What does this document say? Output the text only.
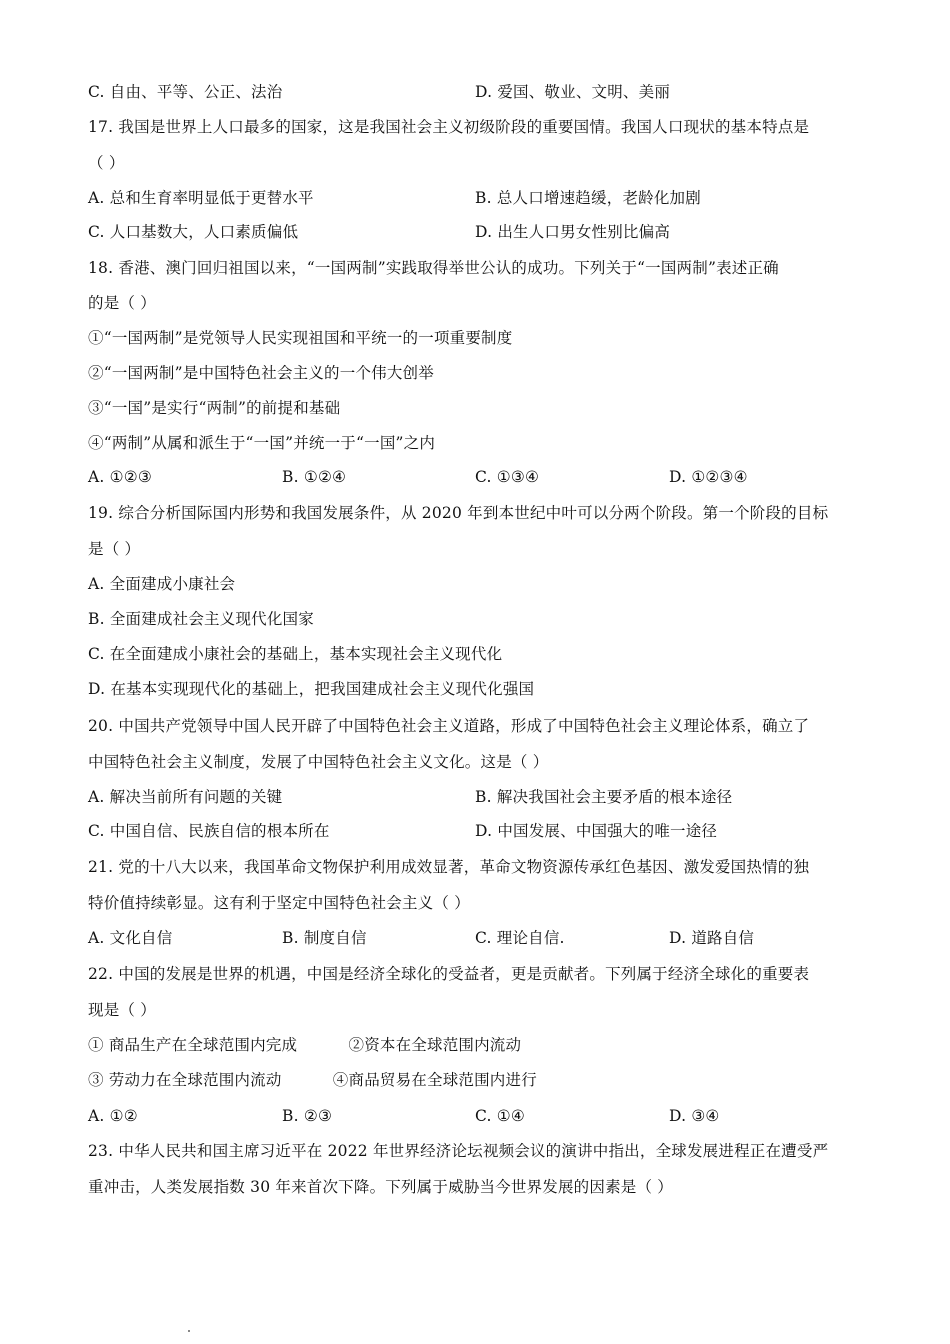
C. 自由、平等、公正、法治	D. 爱国、敬业、文明、美丽
17. 我国是世界上人口最多的国家，这是我国社会主义初级阶段的重要国情。我国人口现状的基本特点是
（ ）
A. 总和生育率明显低于更替水平	B. 总人口增速趋缓，老龄化加剧
C. 人口基数大，人口素质偏低	D. 出生人口男女性别比偏高
18. 香港、澳门回归祖国以来，“一国两制”实践取得举世公认的成功。下列关于“一国两制”表述正确
的是（ ）
①“一国两制”是党领导人民实现祖国和平统一的一项重要制度
②“一国两制”是中国特色社会主义的一个伟大创举
③“一国”是实行“两制”的前提和基础
④“两制”从属和派生于“一国”并统一于“一国”之内
A. ①②③	B. ①②④	C. ①③④	D. ①②③④
19. 综合分析国际国内形势和我国发展条件，从 2020 年到本世纪中叶可以分两个阶段。第一个阶段的目标
是（ ）
A. 全面建成小康社会
B. 全面建成社会主义现代化国家
C. 在全面建成小康社会的基础上，基本实现社会主义现代化
D. 在基本实现现代化的基础上，把我国建成社会主义现代化强国
20. 中国共产党领导中国人民开辟了中国特色社会主义道路，形成了中国特色社会主义理论体系，确立了
中国特色社会主义制度，发展了中国特色社会主义文化。这是（ ）
A. 解决当前所有问题的关键	B. 解决我国社会主要矛盾的根本途径
C. 中国自信、民族自信的根本所在	D. 中国发展、中国强大的唯一途径
21. 党的十八大以来，我国革命文物保护利用成效显著，革命文物资源传承红色基因、激发爱国热情的独
特价值持续彰显。这有利于坚定中国特色社会主义（ ）
A. 文化自信	B. 制度自信	C. 理论自信.	D. 道路自信
22. 中国的发展是世界的机遇，中国是经济全球化的受益者，更是贡献者。下列属于经济全球化的重要表
现是（ ）
① 商品生产在全球范围内完成          ②资本在全球范围内流动
③ 劳动力在全球范围内流动          ④商品贸易在全球范围内进行
A. ①②	B. ②③	C. ①④	D. ③④
23. 中华人民共和国主席习近平在 2022 年世界经济论坛视频会议的演讲中指出，全球发展进程正在遭受严
重冲击，人类发展指数 30 年来首次下降。下列属于威胁当今世界发展的因素是（ ）
